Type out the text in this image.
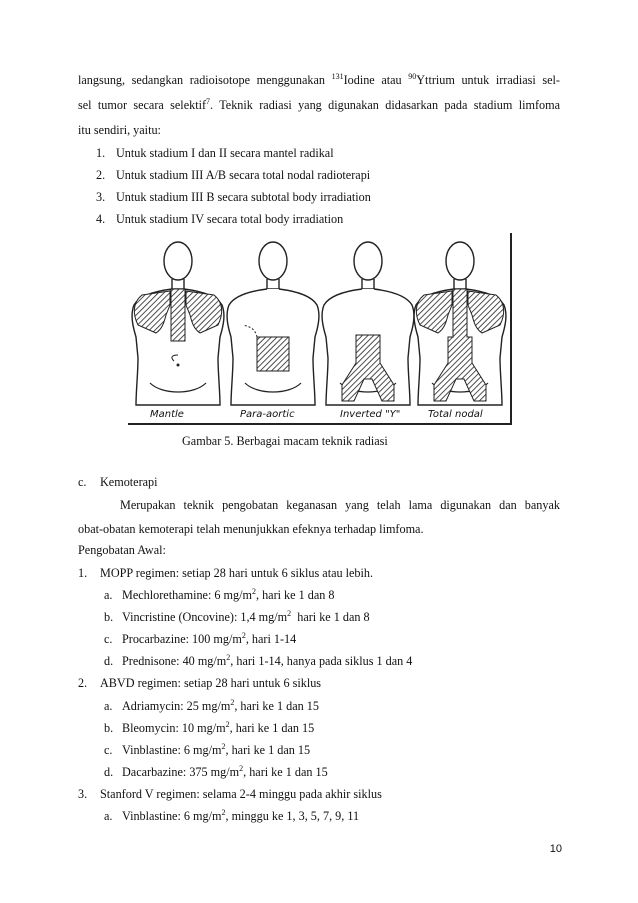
langsung, sedangkan radioisotope menggunakan $^{131}$Iodine atau $^{90}$Yttrium untuk irradiasi sel-
sel tumor secara selektif$^7$. Teknik radiasi yang digunakan didasarkan pada stadium limfoma
itu sendiri, yaitu:
1. Untuk stadium I dan II secara mantel radikal
2. Untuk stadium III A/B secara total nodal radioterapi
3. Untuk stadium III B secara subtotal body irradiation
4. Untuk stadium IV secara total body irradiation
Mantle	Para-aortic	Inverted "Y"	Total nodal
Gambar 5. Berbagai macam teknik radiasi
c. Kemoterapi
Merupakan teknik pengobatan keganasan yang telah lama digunakan dan banyak
obat-obatan kemoterapi telah menunjukkan efeknya terhadap limfoma.
Pengobatan Awal:
1. MOPP regimen: setiap 28 hari untuk 6 siklus atau lebih.
a. Mechlorethamine: 6 $mg/m^2$, hari ke 1 dan 8
b. Vincristine (Oncovine): 1,4 $mg/m^2$  hari ke 1 dan 8
c. Procarbazine: 100 $mg/m^2$, hari 1-14
d. Prednisone: 40 $mg/m^2$, hari 1-14, hanya pada siklus 1 dan 4
2. ABVD regimen: setiap 28 hari untuk 6 siklus
a. Adriamycin: 25 $mg/m^2$, hari ke 1 dan 15
b. Bleomycin: 10 $mg/m^2$, hari ke 1 dan 15
c. Vinblastine: 6 $mg/m^2$, hari ke 1 dan 15
d. Dacarbazine: 375 $mg/m^2$, hari ke 1 dan 15
3. Stanford V regimen: selama 2-4 minggu pada akhir siklus
a. Vinblastine: 6 $mg/m^2$, minggu ke 1, 3, 5, 7, 9, 11
10
